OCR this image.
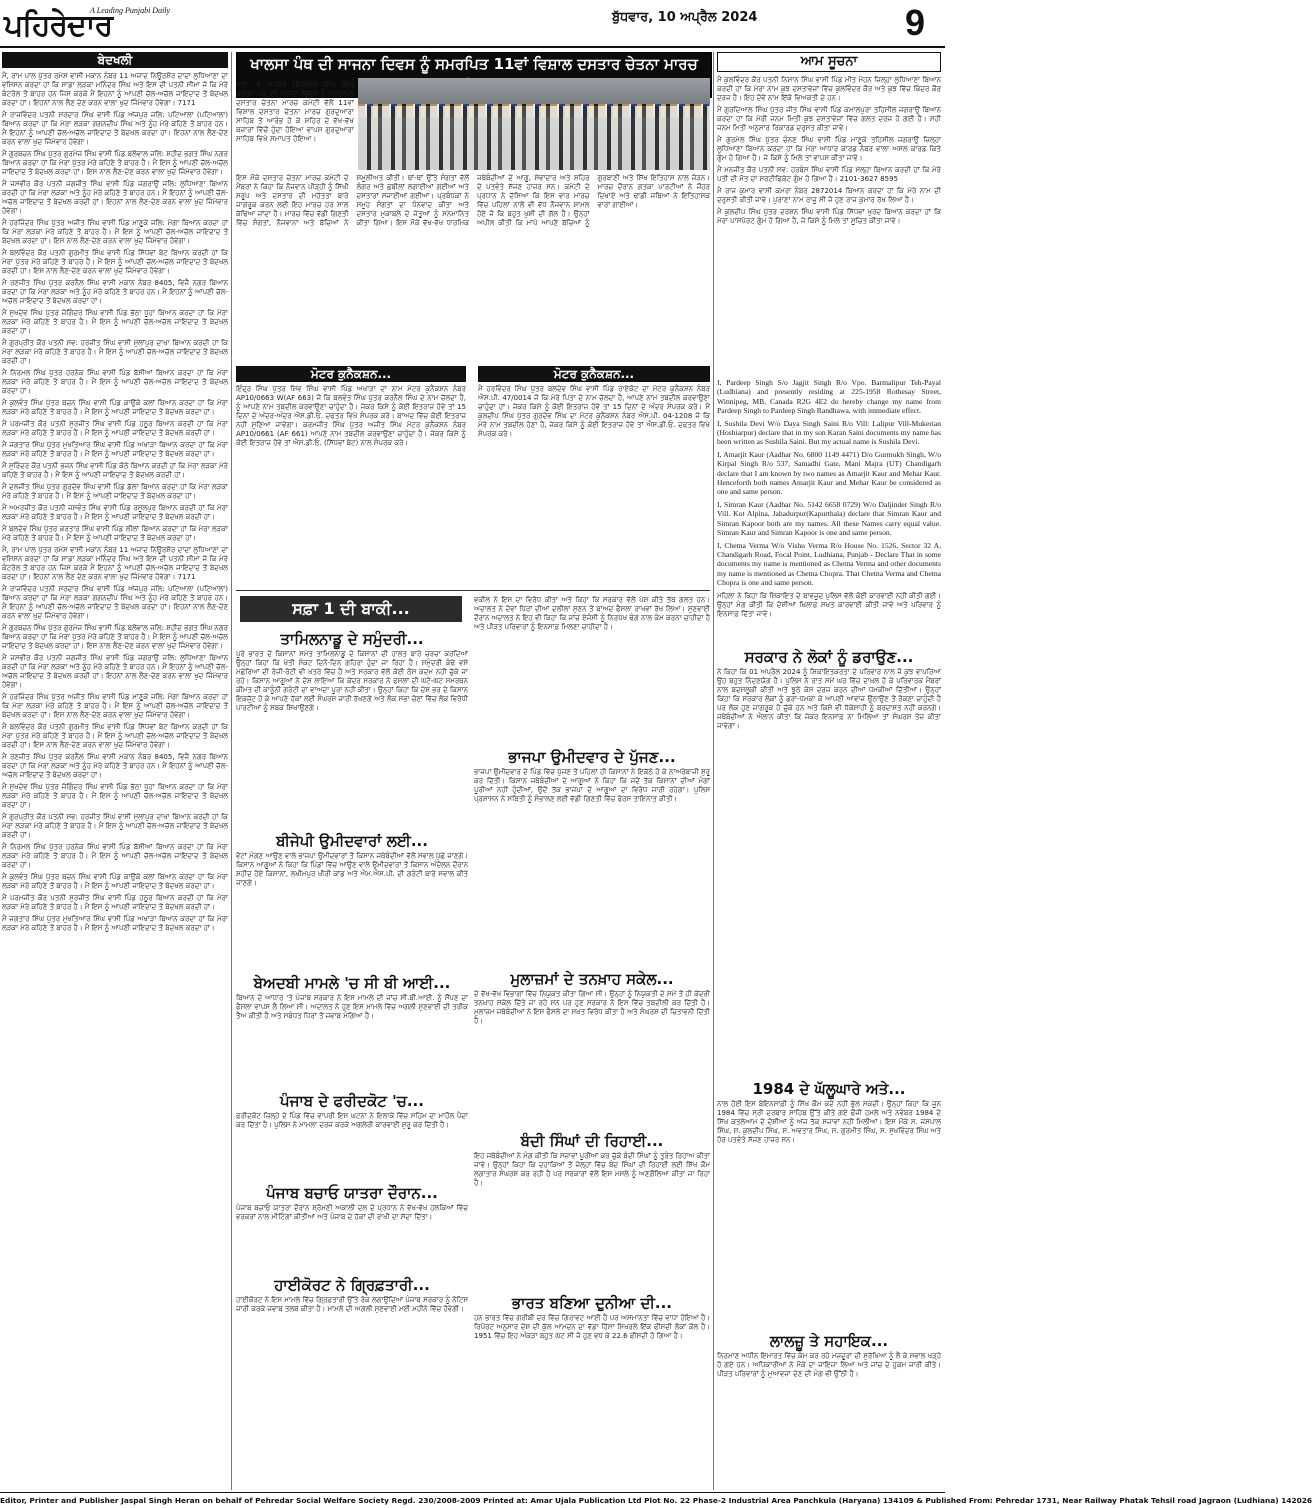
ਪਹਿਰੇਦਾਰ
A Leading Punjabi Daily	ਬੁੱਧਵਾਰ, 10 ਅਪ੍ਰੈਲ 2024	9
ਬੇਦਖਲੀ

ਮੈਂ, ਰਾਮ ਪਾਲ ਪੁੱਤਰ ਰਮੇਸ਼ ਵਾਸੀ ਮਕਾਨ ਨੰਬਰ 11 ਅਜਾਦ ਨਿਊਰਸ਼ੋਰ ਦਾਦਾ ਲੁਧਿਆਣਾ ਦਾ ਵਸਿਸਨ ਕਰਦਾ ਹਾਂ ਕਿ ਸਾਡਾ ਲੜਕਾ ਮਨਿੰਦਰ ਸਿੰਘ ਅਤੇ ਇਸ ਦੀ ਪਤਨੀ ਸੀਮਾ ਜੋ ਕਿ ਮੇਰੇ ਕੰਟਰੋਲ ਤੋਂ ਬਾਹਰ ਹਨ ਜਿਸ ਕਰਕੇ ਮੈਂ ਇਹਨਾਂ ਨੂੰ ਆਪਣੀ ਚੱਲ-ਅਚੱਲ ਜਾਇਦਾਦ ਤੋਂ ਬੇਦਖਲ ਕਰਦਾ ਹਾਂ। ਇਹਨਾਂ ਨਾਲ ਲੈਣ ਦੇਣ ਕਰਨ ਵਾਲਾ ਖੁਦ ਜਿੰਮੇਵਾਰ ਹੋਵੇਗਾ। 7171

ਮੈਂ ਰਾਜਵਿੰਦਰ ਪਤਨੀ ਸਰਦਾਰ ਸਿੰਘ ਵਾਸੀ ਪਿੰਡ ਅੱਜਪੁਰ ਜਲਿ: ਪਟਿਆਲਾ (ਪਟਿਆਲਾ) ਬਿਆਨ ਕਰਦਾ ਹਾਂ ਕਿ ਮੇਰਾ ਲੜਕਾ ਗਗਨਦੀਪ ਸਿੰਘ ਅਤੇ ਨੂੰਹ ਮੇਰੇ ਕਹਿਣੇ ਤੋਂ ਬਾਹਰ ਹਨ। ਮੈਂ ਇਹਨਾਂ ਨੂੰ ਆਪਣੀ ਚੱਲ-ਅਚੱਲ ਜਾਇਦਾਦ ਤੋਂ ਬੇਦਖਲ ਕਰਦਾ ਹਾਂ। ਇਹਨਾਂ ਨਾਲ ਲੈਣ-ਦੇਣ ਕਰਨ ਵਾਲਾ ਖੁਦ ਜਿੰਮੇਵਾਰ ਹੋਵੇਗਾ।

ਮੈਂ ਗੁਰਬਚਨ ਸਿੰਘ ਪੁੱਤਰ ਗੁਰਮੇਜ ਸਿੰਘ ਵਾਸੀ ਪਿੰਡ ਬਲੋਵਾਲ ਜਲਿ: ਸ਼ਹੀਦ ਭਗਤ ਸਿੰਘ ਨਗਰ ਬਿਆਨ ਕਰਦਾ ਹਾਂ ਕਿ ਮੇਰਾ ਪੁੱਤਰ ਮੇਰੇ ਕਹਿਣੇ ਤੋਂ ਬਾਹਰ ਹੈ। ਮੈਂ ਇਸ ਨੂੰ ਆਪਣੀ ਚੱਲ-ਅਚੱਲ ਜਾਇਦਾਦ ਤੋਂ ਬੇਦਖਲ ਕਰਦਾ ਹਾਂ। ਇਸ ਨਾਲ ਲੈਣ-ਦੇਣ ਕਰਨ ਵਾਲਾ ਖੁਦ ਜਿੰਮੇਵਾਰ ਹੋਵੇਗਾ।

ਮੈਂ ਜਸਵੀਰ ਕੌਰ ਪਤਨੀ ਜਗਜੀਤ ਸਿੰਘ ਵਾਸੀ ਪਿੰਡ ਜਗਰਾਉਂ ਜਲਿ: ਲੁਧਿਆਣਾ ਬਿਆਨ ਕਰਦੀ ਹਾਂ ਕਿ ਮੇਰਾ ਲੜਕਾ ਅਤੇ ਨੂੰਹ ਮੇਰੇ ਕਹਿਣੇ ਤੋਂ ਬਾਹਰ ਹਨ। ਮੈਂ ਇਹਨਾਂ ਨੂੰ ਆਪਣੀ ਚੱਲ-ਅਚੱਲ ਜਾਇਦਾਦ ਤੋਂ ਬੇਦਖਲ ਕਰਦੀ ਹਾਂ। ਇਹਨਾਂ ਨਾਲ ਲੈਣ-ਦੇਣ ਕਰਨ ਵਾਲਾ ਖੁਦ ਜਿੰਮੇਵਾਰ ਹੋਵੇਗਾ।

ਮੈਂ ਹਰਜਿੰਦਰ ਸਿੰਘ ਪੁੱਤਰ ਅਜੀਤ ਸਿੰਘ ਵਾਸੀ ਪਿੰਡ ਮਾਣੂਕੇ ਜਲਿ: ਮੋਗਾ ਬਿਆਨ ਕਰਦਾ ਹਾਂ ਕਿ ਮੇਰਾ ਲੜਕਾ ਮੇਰੇ ਕਹਿਣੇ ਤੋਂ ਬਾਹਰ ਹੈ। ਮੈਂ ਇਸ ਨੂੰ ਆਪਣੀ ਚੱਲ-ਅਚੱਲ ਜਾਇਦਾਦ ਤੋਂ ਬੇਦਖਲ ਕਰਦਾ ਹਾਂ। ਇਸ ਨਾਲ ਲੈਣ-ਦੇਣ ਕਰਨ ਵਾਲਾ ਖੁਦ ਜਿੰਮੇਵਾਰ ਹੋਵੇਗਾ।

ਮੈਂ ਬਲਵਿੰਦਰ ਕੌਰ ਪਤਨੀ ਗੁਰਮੀਤ ਸਿੰਘ ਵਾਸੀ ਪਿੰਡ ਸਿੱਧਵਾਂ ਬੇਟ ਬਿਆਨ ਕਰਦੀ ਹਾਂ ਕਿ ਮੇਰਾ ਪੁੱਤਰ ਮੇਰੇ ਕਹਿਣੇ ਤੋਂ ਬਾਹਰ ਹੈ। ਮੈਂ ਇਸ ਨੂੰ ਆਪਣੀ ਚੱਲ-ਅਚੱਲ ਜਾਇਦਾਦ ਤੋਂ ਬੇਦਖਲ ਕਰਦੀ ਹਾਂ। ਇਸ ਨਾਲ ਲੈਣ-ਦੇਣ ਕਰਨ ਵਾਲਾ ਖੁਦ ਜਿੰਮੇਵਾਰ ਹੋਵੇਗਾ।

ਮੈਂ ਰਣਜੀਤ ਸਿੰਘ ਪੁੱਤਰ ਕਰਨੈਲ ਸਿੰਘ ਵਾਸੀ ਮਕਾਨ ਨੰਬਰ 8405, ਵਿਜੈ ਨਗਰ ਬਿਆਨ ਕਰਦਾ ਹਾਂ ਕਿ ਮੇਰਾ ਲੜਕਾ ਅਤੇ ਨੂੰਹ ਮੇਰੇ ਕਹਿਣੇ ਤੋਂ ਬਾਹਰ ਹਨ। ਮੈਂ ਇਹਨਾਂ ਨੂੰ ਆਪਣੀ ਚੱਲ-ਅਚੱਲ ਜਾਇਦਾਦ ਤੋਂ ਬੇਦਖਲ ਕਰਦਾ ਹਾਂ।

ਮੈਂ ਸੁਖਦੇਵ ਸਿੰਘ ਪੁੱਤਰ ਜੋਗਿੰਦਰ ਸਿੰਘ ਵਾਸੀ ਪਿੰਡ ਭੱਠਾ ਧੂਹਾ ਬਿਆਨ ਕਰਦਾ ਹਾਂ ਕਿ ਮੇਰਾ ਲੜਕਾ ਮੇਰੇ ਕਹਿਣੇ ਤੋਂ ਬਾਹਰ ਹੈ। ਮੈਂ ਇਸ ਨੂੰ ਆਪਣੀ ਚੱਲ-ਅਚੱਲ ਜਾਇਦਾਦ ਤੋਂ ਬੇਦਖਲ ਕਰਦਾ ਹਾਂ।

ਮੈਂ ਗੁਰਪ੍ਰੀਤ ਕੌਰ ਪਤਨੀ ਸਵ: ਹਰਜੀਤ ਸਿੰਘ ਵਾਸੀ ਮੁੱਲਾਂਪੁਰ ਦਾਖਾ ਬਿਆਨ ਕਰਦੀ ਹਾਂ ਕਿ ਮੇਰਾ ਲੜਕਾ ਮੇਰੇ ਕਹਿਣੇ ਤੋਂ ਬਾਹਰ ਹੈ। ਮੈਂ ਇਸ ਨੂੰ ਆਪਣੀ ਚੱਲ-ਅਚੱਲ ਜਾਇਦਾਦ ਤੋਂ ਬੇਦਖਲ ਕਰਦੀ ਹਾਂ।

ਮੈਂ ਨਿਰਮਲ ਸਿੰਘ ਪੁੱਤਰ ਹਰਨੇਕ ਸਿੰਘ ਵਾਸੀ ਪਿੰਡ ਬੱਸੀਆਂ ਬਿਆਨ ਕਰਦਾ ਹਾਂ ਕਿ ਮੇਰਾ ਲੜਕਾ ਮੇਰੇ ਕਹਿਣੇ ਤੋਂ ਬਾਹਰ ਹੈ। ਮੈਂ ਇਸ ਨੂੰ ਆਪਣੀ ਚੱਲ-ਅਚੱਲ ਜਾਇਦਾਦ ਤੋਂ ਬੇਦਖਲ ਕਰਦਾ ਹਾਂ।

ਮੈਂ ਕੁਲਵੰਤ ਸਿੰਘ ਪੁੱਤਰ ਬਚਨ ਸਿੰਘ ਵਾਸੀ ਪਿੰਡ ਕਾਉਂਕੇ ਕਲਾਂ ਬਿਆਨ ਕਰਦਾ ਹਾਂ ਕਿ ਮੇਰਾ ਲੜਕਾ ਮੇਰੇ ਕਹਿਣੇ ਤੋਂ ਬਾਹਰ ਹੈ। ਮੈਂ ਇਸ ਨੂੰ ਆਪਣੀ ਜਾਇਦਾਦ ਤੋਂ ਬੇਦਖਲ ਕਰਦਾ ਹਾਂ।

ਮੈਂ ਪਰਮਜੀਤ ਕੌਰ ਪਤਨੀ ਸੁਰਜੀਤ ਸਿੰਘ ਵਾਸੀ ਪਿੰਡ ਹਠੂਰ ਬਿਆਨ ਕਰਦੀ ਹਾਂ ਕਿ ਮੇਰਾ ਲੜਕਾ ਮੇਰੇ ਕਹਿਣੇ ਤੋਂ ਬਾਹਰ ਹੈ। ਮੈਂ ਇਸ ਨੂੰ ਆਪਣੀ ਜਾਇਦਾਦ ਤੋਂ ਬੇਦਖਲ ਕਰਦੀ ਹਾਂ।

ਮੈਂ ਜਗਤਾਰ ਸਿੰਘ ਪੁੱਤਰ ਮੁਖਤਿਆਰ ਸਿੰਘ ਵਾਸੀ ਪਿੰਡ ਅਖਾੜਾ ਬਿਆਨ ਕਰਦਾ ਹਾਂ ਕਿ ਮੇਰਾ ਲੜਕਾ ਮੇਰੇ ਕਹਿਣੇ ਤੋਂ ਬਾਹਰ ਹੈ। ਮੈਂ ਇਸ ਨੂੰ ਆਪਣੀ ਜਾਇਦਾਦ ਤੋਂ ਬੇਦਖਲ ਕਰਦਾ ਹਾਂ।

ਮੈਂ ਸੁਰਿੰਦਰ ਕੌਰ ਪਤਨੀ ਭਜਨ ਸਿੰਘ ਵਾਸੀ ਪਿੰਡ ਕੋਠੇ ਬਿਆਨ ਕਰਦੀ ਹਾਂ ਕਿ ਮੇਰਾ ਲੜਕਾ ਮੇਰੇ ਕਹਿਣੇ ਤੋਂ ਬਾਹਰ ਹੈ। ਮੈਂ ਇਸ ਨੂੰ ਆਪਣੀ ਜਾਇਦਾਦ ਤੋਂ ਬੇਦਖਲ ਕਰਦੀ ਹਾਂ।

ਮੈਂ ਦਲਜੀਤ ਸਿੰਘ ਪੁੱਤਰ ਗੁਰਦੇਵ ਸਿੰਘ ਵਾਸੀ ਪਿੰਡ ਡੱਲਾ ਬਿਆਨ ਕਰਦਾ ਹਾਂ ਕਿ ਮੇਰਾ ਲੜਕਾ ਮੇਰੇ ਕਹਿਣੇ ਤੋਂ ਬਾਹਰ ਹੈ। ਮੈਂ ਇਸ ਨੂੰ ਆਪਣੀ ਜਾਇਦਾਦ ਤੋਂ ਬੇਦਖਲ ਕਰਦਾ ਹਾਂ।

ਮੈਂ ਅਮਰਜੀਤ ਕੌਰ ਪਤਨੀ ਜਸਵੰਤ ਸਿੰਘ ਵਾਸੀ ਪਿੰਡ ਰਸੂਲਪੁਰ ਬਿਆਨ ਕਰਦੀ ਹਾਂ ਕਿ ਮੇਰਾ ਲੜਕਾ ਮੇਰੇ ਕਹਿਣੇ ਤੋਂ ਬਾਹਰ ਹੈ। ਮੈਂ ਇਸ ਨੂੰ ਆਪਣੀ ਜਾਇਦਾਦ ਤੋਂ ਬੇਦਖਲ ਕਰਦੀ ਹਾਂ।

ਮੈਂ ਬਲਦੇਵ ਸਿੰਘ ਪੁੱਤਰ ਕਰਤਾਰ ਸਿੰਘ ਵਾਸੀ ਪਿੰਡ ਲੀਲਾਂ ਬਿਆਨ ਕਰਦਾ ਹਾਂ ਕਿ ਮੇਰਾ ਲੜਕਾ ਮੇਰੇ ਕਹਿਣੇ ਤੋਂ ਬਾਹਰ ਹੈ। ਮੈਂ ਇਸ ਨੂੰ ਆਪਣੀ ਜਾਇਦਾਦ ਤੋਂ ਬੇਦਖਲ ਕਰਦਾ ਹਾਂ।

ਮੈਂ, ਰਾਮ ਪਾਲ ਪੁੱਤਰ ਰਮੇਸ਼ ਵਾਸੀ ਮਕਾਨ ਨੰਬਰ 11 ਅਜਾਦ ਨਿਊਰਸ਼ੋਰ ਦਾਦਾ ਲੁਧਿਆਣਾ ਦਾ ਵਸਿਸਨ ਕਰਦਾ ਹਾਂ ਕਿ ਸਾਡਾ ਲੜਕਾ ਮਨਿੰਦਰ ਸਿੰਘ ਅਤੇ ਇਸ ਦੀ ਪਤਨੀ ਸੀਮਾ ਜੋ ਕਿ ਮੇਰੇ ਕੰਟਰੋਲ ਤੋਂ ਬਾਹਰ ਹਨ ਜਿਸ ਕਰਕੇ ਮੈਂ ਇਹਨਾਂ ਨੂੰ ਆਪਣੀ ਚੱਲ-ਅਚੱਲ ਜਾਇਦਾਦ ਤੋਂ ਬੇਦਖਲ ਕਰਦਾ ਹਾਂ। ਇਹਨਾਂ ਨਾਲ ਲੈਣ ਦੇਣ ਕਰਨ ਵਾਲਾ ਖੁਦ ਜਿੰਮੇਵਾਰ ਹੋਵੇਗਾ। 7171

ਮੈਂ ਰਾਜਵਿੰਦਰ ਪਤਨੀ ਸਰਦਾਰ ਸਿੰਘ ਵਾਸੀ ਪਿੰਡ ਅੱਜਪੁਰ ਜਲਿ: ਪਟਿਆਲਾ (ਪਟਿਆਲਾ) ਬਿਆਨ ਕਰਦਾ ਹਾਂ ਕਿ ਮੇਰਾ ਲੜਕਾ ਗਗਨਦੀਪ ਸਿੰਘ ਅਤੇ ਨੂੰਹ ਮੇਰੇ ਕਹਿਣੇ ਤੋਂ ਬਾਹਰ ਹਨ। ਮੈਂ ਇਹਨਾਂ ਨੂੰ ਆਪਣੀ ਚੱਲ-ਅਚੱਲ ਜਾਇਦਾਦ ਤੋਂ ਬੇਦਖਲ ਕਰਦਾ ਹਾਂ। ਇਹਨਾਂ ਨਾਲ ਲੈਣ-ਦੇਣ ਕਰਨ ਵਾਲਾ ਖੁਦ ਜਿੰਮੇਵਾਰ ਹੋਵੇਗਾ।

ਮੈਂ ਗੁਰਬਚਨ ਸਿੰਘ ਪੁੱਤਰ ਗੁਰਮੇਜ ਸਿੰਘ ਵਾਸੀ ਪਿੰਡ ਬਲੋਵਾਲ ਜਲਿ: ਸ਼ਹੀਦ ਭਗਤ ਸਿੰਘ ਨਗਰ ਬਿਆਨ ਕਰਦਾ ਹਾਂ ਕਿ ਮੇਰਾ ਪੁੱਤਰ ਮੇਰੇ ਕਹਿਣੇ ਤੋਂ ਬਾਹਰ ਹੈ। ਮੈਂ ਇਸ ਨੂੰ ਆਪਣੀ ਚੱਲ-ਅਚੱਲ ਜਾਇਦਾਦ ਤੋਂ ਬੇਦਖਲ ਕਰਦਾ ਹਾਂ। ਇਸ ਨਾਲ ਲੈਣ-ਦੇਣ ਕਰਨ ਵਾਲਾ ਖੁਦ ਜਿੰਮੇਵਾਰ ਹੋਵੇਗਾ।

ਮੈਂ ਜਸਵੀਰ ਕੌਰ ਪਤਨੀ ਜਗਜੀਤ ਸਿੰਘ ਵਾਸੀ ਪਿੰਡ ਜਗਰਾਉਂ ਜਲਿ: ਲੁਧਿਆਣਾ ਬਿਆਨ ਕਰਦੀ ਹਾਂ ਕਿ ਮੇਰਾ ਲੜਕਾ ਅਤੇ ਨੂੰਹ ਮੇਰੇ ਕਹਿਣੇ ਤੋਂ ਬਾਹਰ ਹਨ। ਮੈਂ ਇਹਨਾਂ ਨੂੰ ਆਪਣੀ ਚੱਲ-ਅਚੱਲ ਜਾਇਦਾਦ ਤੋਂ ਬੇਦਖਲ ਕਰਦੀ ਹਾਂ। ਇਹਨਾਂ ਨਾਲ ਲੈਣ-ਦੇਣ ਕਰਨ ਵਾਲਾ ਖੁਦ ਜਿੰਮੇਵਾਰ ਹੋਵੇਗਾ।

ਮੈਂ ਹਰਜਿੰਦਰ ਸਿੰਘ ਪੁੱਤਰ ਅਜੀਤ ਸਿੰਘ ਵਾਸੀ ਪਿੰਡ ਮਾਣੂਕੇ ਜਲਿ: ਮੋਗਾ ਬਿਆਨ ਕਰਦਾ ਹਾਂ ਕਿ ਮੇਰਾ ਲੜਕਾ ਮੇਰੇ ਕਹਿਣੇ ਤੋਂ ਬਾਹਰ ਹੈ। ਮੈਂ ਇਸ ਨੂੰ ਆਪਣੀ ਚੱਲ-ਅਚੱਲ ਜਾਇਦਾਦ ਤੋਂ ਬੇਦਖਲ ਕਰਦਾ ਹਾਂ। ਇਸ ਨਾਲ ਲੈਣ-ਦੇਣ ਕਰਨ ਵਾਲਾ ਖੁਦ ਜਿੰਮੇਵਾਰ ਹੋਵੇਗਾ।

ਮੈਂ ਬਲਵਿੰਦਰ ਕੌਰ ਪਤਨੀ ਗੁਰਮੀਤ ਸਿੰਘ ਵਾਸੀ ਪਿੰਡ ਸਿੱਧਵਾਂ ਬੇਟ ਬਿਆਨ ਕਰਦੀ ਹਾਂ ਕਿ ਮੇਰਾ ਪੁੱਤਰ ਮੇਰੇ ਕਹਿਣੇ ਤੋਂ ਬਾਹਰ ਹੈ। ਮੈਂ ਇਸ ਨੂੰ ਆਪਣੀ ਚੱਲ-ਅਚੱਲ ਜਾਇਦਾਦ ਤੋਂ ਬੇਦਖਲ ਕਰਦੀ ਹਾਂ। ਇਸ ਨਾਲ ਲੈਣ-ਦੇਣ ਕਰਨ ਵਾਲਾ ਖੁਦ ਜਿੰਮੇਵਾਰ ਹੋਵੇਗਾ।

ਮੈਂ ਰਣਜੀਤ ਸਿੰਘ ਪੁੱਤਰ ਕਰਨੈਲ ਸਿੰਘ ਵਾਸੀ ਮਕਾਨ ਨੰਬਰ 8405, ਵਿਜੈ ਨਗਰ ਬਿਆਨ ਕਰਦਾ ਹਾਂ ਕਿ ਮੇਰਾ ਲੜਕਾ ਅਤੇ ਨੂੰਹ ਮੇਰੇ ਕਹਿਣੇ ਤੋਂ ਬਾਹਰ ਹਨ। ਮੈਂ ਇਹਨਾਂ ਨੂੰ ਆਪਣੀ ਚੱਲ-ਅਚੱਲ ਜਾਇਦਾਦ ਤੋਂ ਬੇਦਖਲ ਕਰਦਾ ਹਾਂ।

ਮੈਂ ਸੁਖਦੇਵ ਸਿੰਘ ਪੁੱਤਰ ਜੋਗਿੰਦਰ ਸਿੰਘ ਵਾਸੀ ਪਿੰਡ ਭੱਠਾ ਧੂਹਾ ਬਿਆਨ ਕਰਦਾ ਹਾਂ ਕਿ ਮੇਰਾ ਲੜਕਾ ਮੇਰੇ ਕਹਿਣੇ ਤੋਂ ਬਾਹਰ ਹੈ। ਮੈਂ ਇਸ ਨੂੰ ਆਪਣੀ ਚੱਲ-ਅਚੱਲ ਜਾਇਦਾਦ ਤੋਂ ਬੇਦਖਲ ਕਰਦਾ ਹਾਂ।

ਮੈਂ ਗੁਰਪ੍ਰੀਤ ਕੌਰ ਪਤਨੀ ਸਵ: ਹਰਜੀਤ ਸਿੰਘ ਵਾਸੀ ਮੁੱਲਾਂਪੁਰ ਦਾਖਾ ਬਿਆਨ ਕਰਦੀ ਹਾਂ ਕਿ ਮੇਰਾ ਲੜਕਾ ਮੇਰੇ ਕਹਿਣੇ ਤੋਂ ਬਾਹਰ ਹੈ। ਮੈਂ ਇਸ ਨੂੰ ਆਪਣੀ ਚੱਲ-ਅਚੱਲ ਜਾਇਦਾਦ ਤੋਂ ਬੇਦਖਲ ਕਰਦੀ ਹਾਂ।

ਮੈਂ ਨਿਰਮਲ ਸਿੰਘ ਪੁੱਤਰ ਹਰਨੇਕ ਸਿੰਘ ਵਾਸੀ ਪਿੰਡ ਬੱਸੀਆਂ ਬਿਆਨ ਕਰਦਾ ਹਾਂ ਕਿ ਮੇਰਾ ਲੜਕਾ ਮੇਰੇ ਕਹਿਣੇ ਤੋਂ ਬਾਹਰ ਹੈ। ਮੈਂ ਇਸ ਨੂੰ ਆਪਣੀ ਚੱਲ-ਅਚੱਲ ਜਾਇਦਾਦ ਤੋਂ ਬੇਦਖਲ ਕਰਦਾ ਹਾਂ।

ਮੈਂ ਕੁਲਵੰਤ ਸਿੰਘ ਪੁੱਤਰ ਬਚਨ ਸਿੰਘ ਵਾਸੀ ਪਿੰਡ ਕਾਉਂਕੇ ਕਲਾਂ ਬਿਆਨ ਕਰਦਾ ਹਾਂ ਕਿ ਮੇਰਾ ਲੜਕਾ ਮੇਰੇ ਕਹਿਣੇ ਤੋਂ ਬਾਹਰ ਹੈ। ਮੈਂ ਇਸ ਨੂੰ ਆਪਣੀ ਜਾਇਦਾਦ ਤੋਂ ਬੇਦਖਲ ਕਰਦਾ ਹਾਂ।

ਮੈਂ ਪਰਮਜੀਤ ਕੌਰ ਪਤਨੀ ਸੁਰਜੀਤ ਸਿੰਘ ਵਾਸੀ ਪਿੰਡ ਹਠੂਰ ਬਿਆਨ ਕਰਦੀ ਹਾਂ ਕਿ ਮੇਰਾ ਲੜਕਾ ਮੇਰੇ ਕਹਿਣੇ ਤੋਂ ਬਾਹਰ ਹੈ। ਮੈਂ ਇਸ ਨੂੰ ਆਪਣੀ ਜਾਇਦਾਦ ਤੋਂ ਬੇਦਖਲ ਕਰਦੀ ਹਾਂ।

ਮੈਂ ਜਗਤਾਰ ਸਿੰਘ ਪੁੱਤਰ ਮੁਖਤਿਆਰ ਸਿੰਘ ਵਾਸੀ ਪਿੰਡ ਅਖਾੜਾ ਬਿਆਨ ਕਰਦਾ ਹਾਂ ਕਿ ਮੇਰਾ ਲੜਕਾ ਮੇਰੇ ਕਹਿਣੇ ਤੋਂ ਬਾਹਰ ਹੈ। ਮੈਂ ਇਸ ਨੂੰ ਆਪਣੀ ਜਾਇਦਾਦ ਤੋਂ ਬੇਦਖਲ ਕਰਦਾ ਹਾਂ।

ਖਾਲਸਾ ਪੰਥ ਦੀ ਸਾਜਨਾ ਦਿਵਸ ਨੂੰ ਸਮਰਪਿਤ 11ਵਾਂ ਵਿਸ਼ਾਲ ਦਸਤਾਰ ਚੇਤਨਾ ਮਾਰਚ
ਮੋਗਾ, 9 ਅਪ੍ਰੈਲ (ਇਕਬਾਲ ਸਿੰਘ ਬੈਂਸ) ਖਾਲਸਾ ਪੰਥ ਦੀ ਸਾਜਨਾ ਦਿਵਸ ਨੂੰ ਸਮਰਪਿਤ ਦਸਤਾਰ ਚੇਤਨਾ ਮਾਰਚ ਕਮੇਟੀ ਵੱਲੋਂ 11ਵਾਂ ਵਿਸ਼ਾਲ ਦਸਤਾਰ ਚੇਤਨਾ ਮਾਰਚ ਗੁਰਦੁਆਰਾ ਸਾਹਿਬ ਤੋਂ ਆਰੰਭ ਹੋ ਕੇ ਸ਼ਹਿਰ ਦੇ ਵੱਖ-ਵੱਖ ਬਜ਼ਾਰਾਂ ਵਿੱਚੋਂ ਹੁੰਦਾ ਹੋਇਆ ਵਾਪਸ ਗੁਰਦੁਆਰਾ ਸਾਹਿਬ ਵਿਖੇ ਸਮਾਪਤ ਹੋਇਆ।
ਇਸ ਮੌਕੇ ਦਸਤਾਰ ਚੇਤਨਾ ਮਾਰਚ ਕਮੇਟੀ ਦੇ ਮੈਂਬਰਾਂ ਨੇ ਕਿਹਾ ਕਿ ਨੌਜਵਾਨ ਪੀੜ੍ਹੀ ਨੂੰ ਸਿੱਖੀ ਸਰੂਪ ਅਤੇ ਦਸਤਾਰ ਦੀ ਮਹੱਤਤਾ ਬਾਰੇ ਜਾਗਰੂਕ ਕਰਨ ਲਈ ਇਹ ਮਾਰਚ ਹਰ ਸਾਲ ਕੱਢਿਆ ਜਾਂਦਾ ਹੈ। ਮਾਰਚ ਵਿੱਚ ਵੱਡੀ ਗਿਣਤੀ ਵਿੱਚ ਸੰਗਤਾਂ, ਨੌਜਵਾਨਾਂ ਅਤੇ ਬੱਚਿਆਂ ਨੇ ਸ਼ਮੂਲੀਅਤ ਕੀਤੀ। ਥਾਂ-ਥਾਂ ਉੱਤੇ ਸੰਗਤਾਂ ਵੱਲੋਂ ਲੰਗਰ ਅਤੇ ਛਬੀਲਾਂ ਲਗਾਈਆਂ ਗਈਆਂ ਅਤੇ ਦਸਤਾਰਾਂ ਸਜਾਈਆਂ ਗਈਆਂ। ਪ੍ਰਬੰਧਕਾਂ ਨੇ ਸਮੂਹ ਸੰਗਤਾਂ ਦਾ ਧੰਨਵਾਦ ਕੀਤਾ ਅਤੇ ਦਸਤਾਰ ਮੁਕਾਬਲੇ ਦੇ ਜੇਤੂਆਂ ਨੂੰ ਸਨਮਾਨਿਤ ਕੀਤਾ ਗਿਆ। ਇਸ ਮੌਕੇ ਵੱਖ-ਵੱਖ ਧਾਰਮਿਕ ਜਥੇਬੰਦੀਆਂ ਦੇ ਆਗੂ, ਸੇਵਾਦਾਰ ਅਤੇ ਸ਼ਹਿਰ ਦੇ ਪਤਵੰਤੇ ਸੱਜਣ ਹਾਜ਼ਰ ਸਨ। ਕਮੇਟੀ ਦੇ ਪ੍ਰਧਾਨ ਨੇ ਦੱਸਿਆ ਕਿ ਇਸ ਵਾਰ ਮਾਰਚ ਵਿੱਚ ਪਹਿਲਾਂ ਨਾਲੋਂ ਵੀ ਵੱਧ ਨੌਜਵਾਨ ਸ਼ਾਮਲ ਹੋਏ ਜੋ ਕਿ ਬਹੁਤ ਖੁਸ਼ੀ ਦੀ ਗੱਲ ਹੈ। ਉਨ੍ਹਾਂ ਅਪੀਲ ਕੀਤੀ ਕਿ ਮਾਪੇ ਆਪਣੇ ਬੱਚਿਆਂ ਨੂੰ ਗੁਰਬਾਣੀ ਅਤੇ ਸਿੱਖ ਇਤਿਹਾਸ ਨਾਲ ਜੋੜਨ। ਮਾਰਚ ਦੌਰਾਨ ਗਤਕਾ ਪਾਰਟੀਆਂ ਨੇ ਜੌਹਰ ਦਿਖਾਏ ਅਤੇ ਢਾਡੀ ਜਥਿਆਂ ਨੇ ਇਤਿਹਾਸਕ ਵਾਰਾਂ ਗਾਈਆਂ।
ਮੋਟਰ ਕੁਨੈਕਸ਼ਨ...
ਇੰਦ੍ਰ ਸਿੰਘ ਪੁੱਤਰ ਸ਼ਿਵ ਸਿੰਘ ਵਾਸੀ ਪਿੰਡ ਅਖਾੜਾ ਦਾ ਨਾਮ ਮੋਟਰ ਕੁਨੈਕਸ਼ਨ ਨੰਬਰ AP10/0663 W(AF 663) ਜੋ ਕਿ ਬਲਵੰਤ ਸਿੰਘ ਪੁੱਤਰ ਕਰਨੈਲ ਸਿੰਘ ਦੇ ਨਾਮ ਚੱਲਦਾ ਹੈ, ਨੂੰ ਆਪਣੇ ਨਾਮ ਤਬਦੀਲ ਕਰਵਾਉਣਾ ਚਾਹੁੰਦਾ ਹੈ। ਜੇਕਰ ਕਿਸੇ ਨੂੰ ਕੋਈ ਇਤਰਾਜ਼ ਹੋਵੇ ਤਾਂ 15 ਦਿਨਾਂ ਦੇ ਅੰਦਰ-ਅੰਦਰ ਐਸ.ਡੀ.ਓ. ਦਫਤਰ ਵਿਖੇ ਸੰਪਰਕ ਕਰੇ। ਬਾਅਦ ਵਿੱਚ ਕੋਈ ਇਤਰਾਜ਼ ਨਹੀਂ ਸੁਣਿਆ ਜਾਵੇਗਾ। ਕਰਮਜੀਤ ਸਿੰਘ ਪੁੱਤਰ ਅਜੀਤ ਸਿੰਘ ਮੋਟਰ ਕੁਨੈਕਸ਼ਨ ਨੰਬਰ AP10/0661 (AF 661) ਆਪਣੇ ਨਾਮ ਤਬਦੀਲ ਕਰਵਾਉਣਾ ਚਾਹੁੰਦਾ ਹੈ। ਜੇਕਰ ਕਿਸੇ ਨੂੰ ਕੋਈ ਇਤਰਾਜ਼ ਹੋਵੇ ਤਾਂ ਐਸ.ਡੀ.ਓ. (ਸਿੱਧਵਾਂ ਬੇਟ) ਨਾਲ ਸੰਪਰਕ ਕਰੇ।
ਮੋਟਰ ਕੁਨੈਕਸ਼ਨ...
ਮੈਂ ਹਰਵਿੰਦਰ ਸਿੰਘ ਪੁੱਤਰ ਬਲਦੇਵ ਸਿੰਘ ਵਾਸੀ ਪਿੰਡ ਰਾਏਕੋਟ ਦਾ ਮੋਟਰ ਕੁਨੈਕਸ਼ਨ ਨੰਬਰ ਐਸ.ਪੀ. 47/0014 ਜੋ ਕਿ ਮੇਰੇ ਪਿਤਾ ਦੇ ਨਾਮ ਚੱਲਦਾ ਹੈ, ਆਪਣੇ ਨਾਮ ਤਬਦੀਲ ਕਰਵਾਉਣਾ ਚਾਹੁੰਦਾ ਹਾਂ। ਜੇਕਰ ਕਿਸੇ ਨੂੰ ਕੋਈ ਇਤਰਾਜ਼ ਹੋਵੇ ਤਾਂ 15 ਦਿਨਾਂ ਦੇ ਅੰਦਰ ਸੰਪਰਕ ਕਰੇ। ਮੈਂ ਕੁਲਦੀਪ ਸਿੰਘ ਪੁੱਤਰ ਗੁਰਦੇਵ ਸਿੰਘ ਦਾ ਮੋਟਰ ਕੁਨੈਕਸ਼ਨ ਨੰਬਰ ਐਸ.ਪੀ. 04-1208 ਜੋ ਕਿ ਮੇਰੇ ਨਾਮ ਤਬਦੀਲ ਹੋਣਾ ਹੈ, ਜੇਕਰ ਕਿਸੇ ਨੂੰ ਕੋਈ ਇਤਰਾਜ਼ ਹੋਵੇ ਤਾਂ ਐਸ.ਡੀ.ਓ. ਦਫਤਰ ਵਿਖੇ ਸੰਪਰਕ ਕਰੇ।
ਸਫ਼ਾ 1 ਦੀ ਬਾਕੀ...
ਤਾਮਿਲਨਾਡੂ ਦੇ ਸਮੁੰਦਰੀ...
ਪੂਰੇ ਭਾਰਤ ਦੇ ਕਿਸਾਨਾਂ ਸਮੇਤ ਤਾਮਿਲਨਾਡੂ ਦੇ ਕਿਸਾਨਾਂ ਦੀ ਹਾਲਤ ਬਾਰੇ ਚਰਚਾ ਕਰਦਿਆਂ ਉਨ੍ਹਾਂ ਕਿਹਾ ਕਿ ਖੇਤੀ ਸੰਕਟ ਦਿਨੋ-ਦਿਨ ਗਹਿਰਾ ਹੁੰਦਾ ਜਾ ਰਿਹਾ ਹੈ। ਸਮੁੰਦਰੀ ਕੰਢੇ ਵਸੇ ਮਛੇਰਿਆਂ ਦੀ ਰੋਜ਼ੀ-ਰੋਟੀ ਵੀ ਖਤਰੇ ਵਿੱਚ ਹੈ ਅਤੇ ਸਰਕਾਰ ਵੱਲੋਂ ਕੋਈ ਠੋਸ ਕਦਮ ਨਹੀਂ ਚੁੱਕੇ ਜਾ ਰਹੇ। ਕਿਸਾਨ ਆਗੂਆਂ ਨੇ ਦੋਸ਼ ਲਾਇਆ ਕਿ ਕੇਂਦਰ ਸਰਕਾਰ ਨੇ ਫਸਲਾਂ ਦੀ ਘੱਟੋ-ਘੱਟ ਸਮਰਥਨ ਕੀਮਤ ਦੀ ਕਾਨੂੰਨੀ ਗਰੰਟੀ ਦਾ ਵਾਅਦਾ ਪੂਰਾ ਨਹੀਂ ਕੀਤਾ। ਉਨ੍ਹਾਂ ਕਿਹਾ ਕਿ ਦੇਸ਼ ਭਰ ਦੇ ਕਿਸਾਨ ਇਕਜੁੱਟ ਹੋ ਕੇ ਆਪਣੇ ਹੱਕਾਂ ਲਈ ਸੰਘਰਸ਼ ਜਾਰੀ ਰੱਖਣਗੇ ਅਤੇ ਲੋਕ ਸਭਾ ਚੋਣਾਂ ਵਿੱਚ ਲੋਕ ਵਿਰੋਧੀ ਪਾਰਟੀਆਂ ਨੂੰ ਸਬਕ ਸਿਖਾਉਣਗੇ।
ਬੀਜੇਪੀ ਉਮੀਦਵਾਰਾਂ ਲਈ...
ਵੋਟਾਂ ਮੰਗਣ ਆਉਣ ਵਾਲੇ ਭਾਜਪਾ ਉਮੀਦਵਾਰਾਂ ਤੋਂ ਕਿਸਾਨ ਜਥੇਬੰਦੀਆਂ ਵੱਲੋਂ ਸਵਾਲ ਪੁੱਛੇ ਜਾਣਗੇ। ਕਿਸਾਨ ਆਗੂਆਂ ਨੇ ਕਿਹਾ ਕਿ ਪਿੰਡਾਂ ਵਿੱਚ ਆਉਣ ਵਾਲੇ ਉਮੀਦਵਾਰਾਂ ਤੋਂ ਕਿਸਾਨ ਅੰਦੋਲਨ ਦੌਰਾਨ ਸ਼ਹੀਦ ਹੋਏ ਕਿਸਾਨਾਂ, ਲਖੀਮਪੁਰ ਖੀਰੀ ਕਾਂਡ ਅਤੇ ਐਮ.ਐਸ.ਪੀ. ਦੀ ਗਰੰਟੀ ਬਾਰੇ ਸਵਾਲ ਕੀਤੇ ਜਾਣਗੇ।
ਬੇਅਦਬੀ ਮਾਮਲੇ 'ਚ ਸੀ ਬੀ ਆਈ...
ਬਿਆਨ ਦੇ ਆਧਾਰ 'ਤੇ ਪੰਜਾਬ ਸਰਕਾਰ ਨੇ ਇਸ ਮਾਮਲੇ ਦੀ ਜਾਂਚ ਸੀ.ਬੀ.ਆਈ. ਨੂੰ ਸੌਂਪਣ ਦਾ ਫੈਸਲਾ ਵਾਪਸ ਲੈ ਲਿਆ ਸੀ। ਅਦਾਲਤ ਨੇ ਹੁਣ ਇਸ ਮਾਮਲੇ ਵਿੱਚ ਅਗਲੀ ਸੁਣਵਾਈ ਦੀ ਤਰੀਕ ਤੈਅ ਕੀਤੀ ਹੈ ਅਤੇ ਸਬੰਧਤ ਧਿਰਾਂ ਤੋਂ ਜਵਾਬ ਮੰਗਿਆ ਹੈ।
ਪੰਜਾਬ ਦੇ ਫਰੀਦਕੋਟ 'ਚ...
ਫਰੀਦਕੋਟ ਜ਼ਿਲ੍ਹੇ ਦੇ ਪਿੰਡ ਵਿੱਚ ਵਾਪਰੀ ਇਸ ਘਟਨਾ ਨੇ ਇਲਾਕੇ ਵਿੱਚ ਸਹਿਮ ਦਾ ਮਾਹੌਲ ਪੈਦਾ ਕਰ ਦਿੱਤਾ ਹੈ। ਪੁਲਿਸ ਨੇ ਮਾਮਲਾ ਦਰਜ ਕਰਕੇ ਅਗਲੇਰੀ ਕਾਰਵਾਈ ਸ਼ੁਰੂ ਕਰ ਦਿੱਤੀ ਹੈ।
ਪੰਜਾਬ ਬਚਾਓ ਯਾਤਰਾ ਦੌਰਾਨ...
ਪੰਜਾਬ ਬਚਾਓ ਯਾਤਰਾ ਦੌਰਾਨ ਸ਼੍ਰੋਮਣੀ ਅਕਾਲੀ ਦਲ ਦੇ ਪ੍ਰਧਾਨ ਨੇ ਵੱਖ-ਵੱਖ ਹਲਕਿਆਂ ਵਿੱਚ ਵਰਕਰਾਂ ਨਾਲ ਮੀਟਿੰਗਾਂ ਕੀਤੀਆਂ ਅਤੇ ਪੰਜਾਬ ਦੇ ਹੱਕਾਂ ਦੀ ਰਾਖੀ ਦਾ ਸੱਦਾ ਦਿੱਤਾ।
ਹਾਈਕੋਰਟ ਨੇ ਗ੍ਰਿਫ਼ਤਾਰੀ...
ਹਾਈਕੋਰਟ ਨੇ ਇਸ ਮਾਮਲੇ ਵਿੱਚ ਗ੍ਰਿਫ਼ਤਾਰੀ ਉੱਤੇ ਰੋਕ ਲਗਾਉਂਦਿਆਂ ਪੰਜਾਬ ਸਰਕਾਰ ਨੂੰ ਨੋਟਿਸ ਜਾਰੀ ਕਰਕੇ ਜਵਾਬ ਤਲਬ ਕੀਤਾ ਹੈ। ਮਾਮਲੇ ਦੀ ਅਗਲੀ ਸੁਣਵਾਈ ਮਈ ਮਹੀਨੇ ਵਿੱਚ ਹੋਵੇਗੀ।
ਵਕੀਲ ਨੇ ਇਸ ਦਾ ਵਿਰੋਧ ਕੀਤਾ ਅਤੇ ਕਿਹਾ ਕਿ ਸਰਕਾਰ ਵੱਲੋਂ ਪੇਸ਼ ਕੀਤੇ ਤੱਥ ਗਲਤ ਹਨ। ਅਦਾਲਤ ਨੇ ਦੋਵਾਂ ਧਿਰਾਂ ਦੀਆਂ ਦਲੀਲਾਂ ਸੁਣਨ ਤੋਂ ਬਾਅਦ ਫੈਸਲਾ ਰਾਖਵਾਂ ਰੱਖ ਲਿਆ। ਸੁਣਵਾਈ ਦੌਰਾਨ ਅਦਾਲਤ ਨੇ ਇਹ ਵੀ ਕਿਹਾ ਕਿ ਜਾਂਚ ਏਜੰਸੀ ਨੂੰ ਨਿਰਪੱਖ ਢੰਗ ਨਾਲ ਕੰਮ ਕਰਨਾ ਚਾਹੀਦਾ ਹੈ ਅਤੇ ਪੀੜਤ ਪਰਿਵਾਰਾਂ ਨੂੰ ਇਨਸਾਫ਼ ਮਿਲਣਾ ਚਾਹੀਦਾ ਹੈ।
ਭਾਜਪਾ ਉਮੀਦਵਾਰ ਦੇ ਪੁੱਜਣ...
ਭਾਜਪਾ ਉਮੀਦਵਾਰ ਦੇ ਪਿੰਡ ਵਿੱਚ ਪੁੱਜਣ ਤੋਂ ਪਹਿਲਾਂ ਹੀ ਕਿਸਾਨਾਂ ਨੇ ਇਕੱਠੇ ਹੋ ਕੇ ਨਾਅਰੇਬਾਜ਼ੀ ਸ਼ੁਰੂ ਕਰ ਦਿੱਤੀ। ਕਿਸਾਨ ਜਥੇਬੰਦੀਆਂ ਦੇ ਆਗੂਆਂ ਨੇ ਕਿਹਾ ਕਿ ਜਦੋਂ ਤੱਕ ਕਿਸਾਨਾਂ ਦੀਆਂ ਮੰਗਾਂ ਪੂਰੀਆਂ ਨਹੀਂ ਹੁੰਦੀਆਂ, ਉਦੋਂ ਤੱਕ ਭਾਜਪਾ ਦੇ ਆਗੂਆਂ ਦਾ ਵਿਰੋਧ ਜਾਰੀ ਰਹੇਗਾ। ਪੁਲਿਸ ਪ੍ਰਸ਼ਾਸਨ ਨੇ ਸਥਿਤੀ ਨੂੰ ਸੰਭਾਲਣ ਲਈ ਵੱਡੀ ਗਿਣਤੀ ਵਿੱਚ ਫੋਰਸ ਤਾਇਨਾਤ ਕੀਤੀ।
ਮੁਲਾਜ਼ਮਾਂ ਦੇ ਤਨਖ਼ਾਹ ਸਕੇਲ...
ਦੇ ਵੱਖ-ਵੱਖ ਵਿਭਾਗਾਂ ਵਿੱਚ ਨਿਯੁਕਤ ਕੀਤਾ ਗਿਆ ਸੀ। ਉਨ੍ਹਾਂ ਨੂੰ ਨਿਯੁਕਤੀ ਦੇ ਸਮੇਂ ਤੋਂ ਹੀ ਕੇਂਦਰੀ ਤਨਖ਼ਾਹ ਸਕੇਲ ਦਿੱਤੇ ਜਾ ਰਹੇ ਸਨ ਪਰ ਹੁਣ ਸਰਕਾਰ ਨੇ ਇਸ ਵਿੱਚ ਤਬਦੀਲੀ ਕਰ ਦਿੱਤੀ ਹੈ। ਮੁਲਾਜ਼ਮ ਜਥੇਬੰਦੀਆਂ ਨੇ ਇਸ ਫੈਸਲੇ ਦਾ ਸਖ਼ਤ ਵਿਰੋਧ ਕੀਤਾ ਹੈ ਅਤੇ ਸੰਘਰਸ਼ ਦੀ ਚਿਤਾਵਨੀ ਦਿੱਤੀ ਹੈ।
ਬੰਦੀ ਸਿੰਘਾਂ ਦੀ ਰਿਹਾਈ...
ਇਹ ਜਥੇਬੰਦੀਆਂ ਨੇ ਮੰਗ ਕੀਤੀ ਕਿ ਸਜ਼ਾਵਾਂ ਪੂਰੀਆਂ ਕਰ ਚੁੱਕੇ ਬੰਦੀ ਸਿੰਘਾਂ ਨੂੰ ਤੁਰੰਤ ਰਿਹਾਅ ਕੀਤਾ ਜਾਵੇ। ਉਨ੍ਹਾਂ ਕਿਹਾ ਕਿ ਦਹਾਕਿਆਂ ਤੋਂ ਜੇਲ੍ਹਾਂ ਵਿੱਚ ਬੰਦ ਸਿੰਘਾਂ ਦੀ ਰਿਹਾਈ ਲਈ ਸਿੱਖ ਕੌਮ ਲਗਾਤਾਰ ਸੰਘਰਸ਼ ਕਰ ਰਹੀ ਹੈ ਪਰ ਸਰਕਾਰਾਂ ਵੱਲੋਂ ਇਸ ਮਸਲੇ ਨੂੰ ਅਣਗੌਲਿਆ ਕੀਤਾ ਜਾ ਰਿਹਾ ਹੈ।
ਭਾਰਤ ਬਣਿਆ ਦੁਨੀਆ ਦੀ...
ਹਨ ਭਾਰਤ ਵਿੱਚ ਗਰੀਬੀ ਦਰ ਵਿੱਚ ਗਿਰਾਵਟ ਆਈ ਹੈ ਪਰ ਅਸਮਾਨਤਾ ਵਿੱਚ ਵਾਧਾ ਹੋਇਆ ਹੈ। ਰਿਪੋਰਟ ਅਨੁਸਾਰ ਦੇਸ਼ ਦੀ ਕੁੱਲ ਆਮਦਨ ਦਾ ਵੱਡਾ ਹਿੱਸਾ ਸਿਖਰਲੇ ਇੱਕ ਫੀਸਦੀ ਲੋਕਾਂ ਕੋਲ ਹੈ। 1951 ਵਿੱਚ ਇਹ ਅੰਕੜਾ ਬਹੁਤ ਘੱਟ ਸੀ ਜੋ ਹੁਣ ਵਧ ਕੇ 22.6 ਫੀਸਦੀ ਹੋ ਗਿਆ ਹੈ।
ਆਮ ਸੂਚਨਾ

ਮੈਂ ਕੁਲਵਿੰਦਰ ਕੌਰ ਪਤਨੀ ਨਿਸ਼ਾਨ ਸਿੰਘ ਵਾਸੀ ਪਿੰਡ ਮੀਤ ਮੋਹਨ ਜ਼ਿਲ੍ਹਾ ਲੁਧਿਆਣਾ ਬਿਆਨ ਕਰਦੀ ਹਾਂ ਕਿ ਮੇਰਾ ਨਾਮ ਕੁਝ ਦਸਤਾਵੇਜ਼ਾਂ ਵਿੱਚ ਕੁਲਵਿੰਦਰ ਕੌਰ ਅਤੇ ਕੁਝ ਵਿੱਚ ਕਿੰਦਰ ਕੌਰ ਦਰਜ ਹੈ। ਇਹ ਦੋਵੇਂ ਨਾਮ ਇੱਕੋ ਵਿਅਕਤੀ ਦੇ ਹਨ।

ਮੈਂ ਗੁਰਦਿਆਲ ਸਿੰਘ ਪੁੱਤਰ ਜੀਤ ਸਿੰਘ ਵਾਸੀ ਪਿੰਡ ਕਮਾਲਪੁਰਾ ਤਹਿਸੀਲ ਜਗਰਾਉਂ ਬਿਆਨ ਕਰਦਾ ਹਾਂ ਕਿ ਮੇਰੀ ਜਨਮ ਮਿਤੀ ਕੁਝ ਦਸਤਾਵੇਜ਼ਾਂ ਵਿੱਚ ਗਲਤ ਦਰਜ ਹੋ ਗਈ ਹੈ। ਸਹੀ ਜਨਮ ਮਿਤੀ ਅਨੁਸਾਰ ਰਿਕਾਰਡ ਦਰੁਸਤ ਕੀਤਾ ਜਾਵੇ।

ਮੈਂ ਗੁਰਮੇਲ ਸਿੰਘ ਪੁੱਤਰ ਚੰਨਣ ਸਿੰਘ ਵਾਸੀ ਪਿੰਡ ਮਾਣੂਕੇ ਤਹਿਸੀਲ ਜਗਰਾਉਂ ਜ਼ਿਲ੍ਹਾ ਲੁਧਿਆਣਾ ਬਿਆਨ ਕਰਦਾ ਹਾਂ ਕਿ ਮੇਰਾ ਆਧਾਰ ਕਾਰਡ ਨੰਬਰ ਵਾਲਾ ਅਸਲ ਕਾਰਡ ਕਿਤੇ ਗੁੰਮ ਹੋ ਗਿਆ ਹੈ। ਜੇ ਕਿਸੇ ਨੂੰ ਮਿਲੇ ਤਾਂ ਵਾਪਸ ਕੀਤਾ ਜਾਵੇ।

ਮੈਂ ਮਨਜੀਤ ਕੌਰ ਪਤਨੀ ਸਵ: ਹਰਬੰਸ ਸਿੰਘ ਵਾਸੀ ਪਿੰਡ ਮੱਲ੍ਹਾ ਬਿਆਨ ਕਰਦੀ ਹਾਂ ਕਿ ਮੇਰੇ ਪਤੀ ਦੀ ਮੌਤ ਦਾ ਸਰਟੀਫਿਕੇਟ ਗੁੰਮ ਹੋ ਗਿਆ ਹੈ। 2101-3627 8595

ਮੈਂ ਰਾਜ ਕੁਮਾਰ ਵਾਸੀ ਕਮਰਾ ਨੰਬਰ 2872014 ਬਿਆਨ ਕਰਦਾ ਹਾਂ ਕਿ ਮੇਰੇ ਨਾਮ ਦੀ ਦਰੁਸਤੀ ਕੀਤੀ ਜਾਵੇ। ਪੁਰਾਣਾ ਨਾਮ ਰਾਜੂ ਸੀ ਜੋ ਹੁਣ ਰਾਜ ਕੁਮਾਰ ਰੱਖ ਲਿਆ ਹੈ।

ਮੈਂ ਕੁਲਦੀਪ ਸਿੰਘ ਪੁੱਤਰ ਦਰਸ਼ਨ ਸਿੰਘ ਵਾਸੀ ਪਿੰਡ ਸਿੱਧਵਾਂ ਖੁਰਦ ਬਿਆਨ ਕਰਦਾ ਹਾਂ ਕਿ ਮੇਰਾ ਪਾਸਪੋਰਟ ਗੁੰਮ ਹੋ ਗਿਆ ਹੈ, ਜੇ ਕਿਸੇ ਨੂੰ ਮਿਲੇ ਤਾਂ ਸੂਚਿਤ ਕੀਤਾ ਜਾਵੇ।

I, Pardeep Singh S/o Jagjit Singh R/o Vpo. Barmalipur Teh-Payal (Ludhiana) and presently residing at 225-1958 Rothesay Street, Winnipeg, MB, Canada R2G 4E2 do hereby change my name from Pardeep Singh to Pardeep Singh Randhawa, with immediate effect.

I, Sushila Devi W/o Daya Singh Saini R/o Vill: Lalipur Vill-Mukerian (Hoshiarpur) declare that in my son Karan Saini documents my name has been written as Sushila Saini. But my actual name is Sushila Devi.

I, Amarjit Kaur (Aadhar No. 6800 1149 4471) D/o Gurmukh Singh, W/o Kirpal Singh R/o 537, Samadhi Gate, Mani Majra (UT) Chandigarh declare that I am known by two names as Amarjit Kaur and Mehar Kaur. Henceforth both names Amarjit Kaur and Mehar Kaur be considered as one and same person.

I, Simran Kaur (Aadhar No. 5142 6658 0729) W/o Daljinder Singh R/o Vill. Kot Alpina, Jahadurpur(Kapurthala) declare that Simran Kaur and Simran Kapoor both are my names. All these Names carry equal value. Simran Kaur and Simran Kapoor is one and same person.

I, Chetna Verma W/o Vishu Verma R/o House No. 1526, Sector 32 A, Chandigarh Road, Focal Point, Ludhiana, Punjab - Declare That in some documents my name is mentioned as Chetna Verma and other documents my name is mentioned as Chetna Chopra. That Chetna Verma and Chetna Chopra is one and same person.

ਮਹਿਲਾ ਨੇ ਕਿਹਾ ਕਿ ਸ਼ਿਕਾਇਤ ਦੇ ਬਾਵਜੂਦ ਪੁਲਿਸ ਵੱਲੋਂ ਕੋਈ ਕਾਰਵਾਈ ਨਹੀਂ ਕੀਤੀ ਗਈ। ਉਨ੍ਹਾਂ ਮੰਗ ਕੀਤੀ ਕਿ ਦੋਸ਼ੀਆਂ ਖ਼ਿਲਾਫ਼ ਸਖ਼ਤ ਕਾਰਵਾਈ ਕੀਤੀ ਜਾਵੇ ਅਤੇ ਪਰਿਵਾਰ ਨੂੰ ਇਨਸਾਫ਼ ਦਿੱਤਾ ਜਾਵੇ।
ਸਰਕਾਰ ਨੇ ਲੋਕਾਂ ਨੂੰ ਡਰਾਉਣ...
ਨੇ ਕਿਹਾ ਕਿ 01 ਅਪ੍ਰੈਲ 2024 ਨੂੰ ਸ਼ਿਕਾਇਤਕਰਤਾ ਦੇ ਪਰਿਵਾਰ ਨਾਲ ਜੋ ਕੁਝ ਵਾਪਰਿਆ ਉਹ ਬਹੁਤ ਨਿੰਦਣਯੋਗ ਹੈ। ਪੁਲਿਸ ਨੇ ਰਾਤ ਸਮੇਂ ਘਰ ਵਿੱਚ ਦਾਖ਼ਲ ਹੋ ਕੇ ਪਰਿਵਾਰਕ ਮੈਂਬਰਾਂ ਨਾਲ ਬਦਸਲੂਕੀ ਕੀਤੀ ਅਤੇ ਝੂਠੇ ਕੇਸ ਦਰਜ ਕਰਨ ਦੀਆਂ ਧਮਕੀਆਂ ਦਿੱਤੀਆਂ। ਉਨ੍ਹਾਂ ਕਿਹਾ ਕਿ ਸਰਕਾਰ ਲੋਕਾਂ ਨੂੰ ਡਰਾ-ਧਮਕਾ ਕੇ ਆਪਣੀ ਆਵਾਜ਼ ਉਠਾਉਣ ਤੋਂ ਰੋਕਣਾ ਚਾਹੁੰਦੀ ਹੈ ਪਰ ਲੋਕ ਹੁਣ ਜਾਗਰੂਕ ਹੋ ਚੁੱਕੇ ਹਨ ਅਤੇ ਕਿਸੇ ਵੀ ਧੱਕੇਸ਼ਾਹੀ ਨੂੰ ਬਰਦਾਸ਼ਤ ਨਹੀਂ ਕਰਨਗੇ। ਜਥੇਬੰਦੀਆਂ ਨੇ ਐਲਾਨ ਕੀਤਾ ਕਿ ਜੇਕਰ ਇਨਸਾਫ਼ ਨਾ ਮਿਲਿਆ ਤਾਂ ਸੰਘਰਸ਼ ਤੇਜ਼ ਕੀਤਾ ਜਾਵੇਗਾ।
1984 ਦੇ ਘੱਲੂਘਾਰੇ ਅਤੇ...
ਨਾਲ ਹੋਈ ਇਸ ਬੇਇਨਸਾਫ਼ੀ ਨੂੰ ਸਿੱਖ ਕੌਮ ਕਦੇ ਨਹੀਂ ਭੁੱਲ ਸਕਦੀ। ਉਨ੍ਹਾਂ ਕਿਹਾ ਕਿ ਜੂਨ 1984 ਵਿੱਚ ਸ੍ਰੀ ਦਰਬਾਰ ਸਾਹਿਬ ਉੱਤੇ ਕੀਤੇ ਗਏ ਫੌਜੀ ਹਮਲੇ ਅਤੇ ਨਵੰਬਰ 1984 ਦੇ ਸਿੱਖ ਕਤਲੇਆਮ ਦੇ ਦੋਸ਼ੀਆਂ ਨੂੰ ਅੱਜ ਤੱਕ ਸਜ਼ਾਵਾਂ ਨਹੀਂ ਮਿਲੀਆਂ। ਇਸ ਮੌਕੇ ਸ. ਜਸਪਾਲ ਸਿੰਘ, ਸ. ਕੁਲਦੀਪ ਸਿੰਘ, ਸ. ਅਵਤਾਰ ਸਿੰਘ, ਸ. ਗੁਰਮੀਤ ਸਿੰਘ, ਸ. ਸੁਖਵਿੰਦਰ ਸਿੰਘ ਅਤੇ ਹੋਰ ਪਤਵੰਤੇ ਸੱਜਣ ਹਾਜ਼ਰ ਸਨ।
ਲਾਲਜ਼ੂ ਤੇ ਸਹਾਇਕ...
ਨਿਰਮਾਣ ਅਧੀਨ ਇਮਾਰਤ ਵਿੱਚ ਕੰਮ ਕਰ ਰਹੇ ਮਜ਼ਦੂਰਾਂ ਦੀ ਸੁਰੱਖਿਆ ਨੂੰ ਲੈ ਕੇ ਸਵਾਲ ਖੜ੍ਹੇ ਹੋ ਗਏ ਹਨ। ਅਧਿਕਾਰੀਆਂ ਨੇ ਮੌਕੇ ਦਾ ਜਾਇਜ਼ਾ ਲਿਆ ਅਤੇ ਜਾਂਚ ਦੇ ਹੁਕਮ ਜਾਰੀ ਕੀਤੇ। ਪੀੜਤ ਪਰਿਵਾਰਾਂ ਨੂੰ ਮੁਆਵਜ਼ਾ ਦੇਣ ਦੀ ਮੰਗ ਵੀ ਉੱਠੀ ਹੈ।
Editor, Printer and Publisher Jaspal Singh Heran on behalf of Pehredar Social Welfare Society Regd. 230/2008-2009 Printed at: Amar Ujala Publication Ltd Plot No. 22 Phase-2 Industrial Area Panchkula (Haryana) 134109 & Published From: Pehredar 1731, Near Railway Phatak Tehsil road Jagraon (Ludhiana) 142026
